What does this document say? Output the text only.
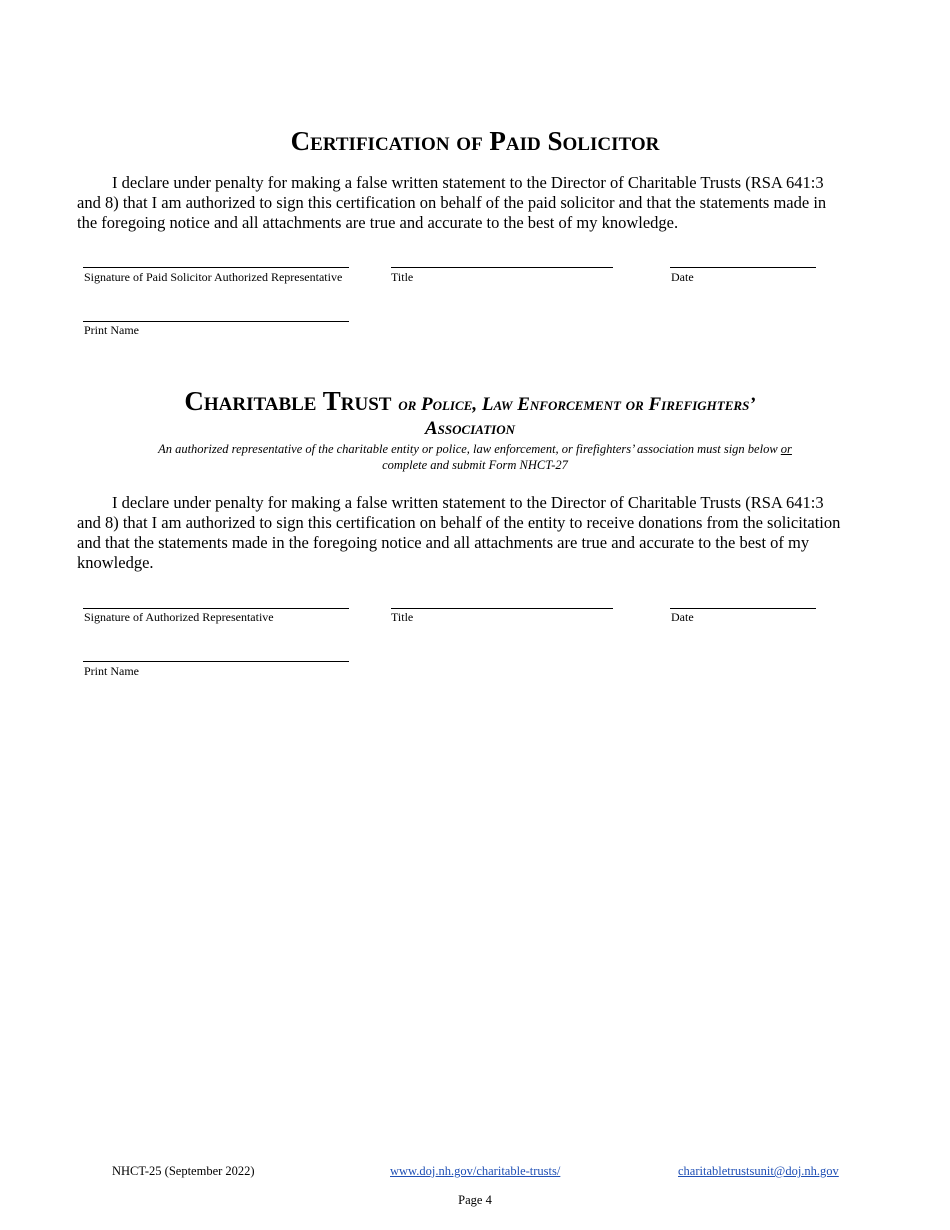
Certification of Paid Solicitor
I declare under penalty for making a false written statement to the Director of Charitable Trusts (RSA 641:3 and 8) that I am authorized to sign this certification on behalf of the paid solicitor and that the statements made in the foregoing notice and all attachments are true and accurate to the best of my knowledge.
Signature of Paid Solicitor Authorized Representative	Title	Date
Print Name
Charitable Trust or Police, Law Enforcement or Firefighters’
Association
An authorized representative of the charitable entity or police, law enforcement, or firefighters’ association must sign below or
complete and submit Form NHCT-27
I declare under penalty for making a false written statement to the Director of Charitable Trusts (RSA 641:3 and 8) that I am authorized to sign this certification on behalf of the entity to receive donations from the solicitation and that the statements made in the foregoing notice and all attachments are true and accurate to the best of my knowledge.
Signature of Authorized Representative	Title	Date
Print Name
NHCT-25 (September 2022)	www.doj.nh.gov/charitable-trusts/	charitabletrustsunit@doj.nh.gov
Page 4
